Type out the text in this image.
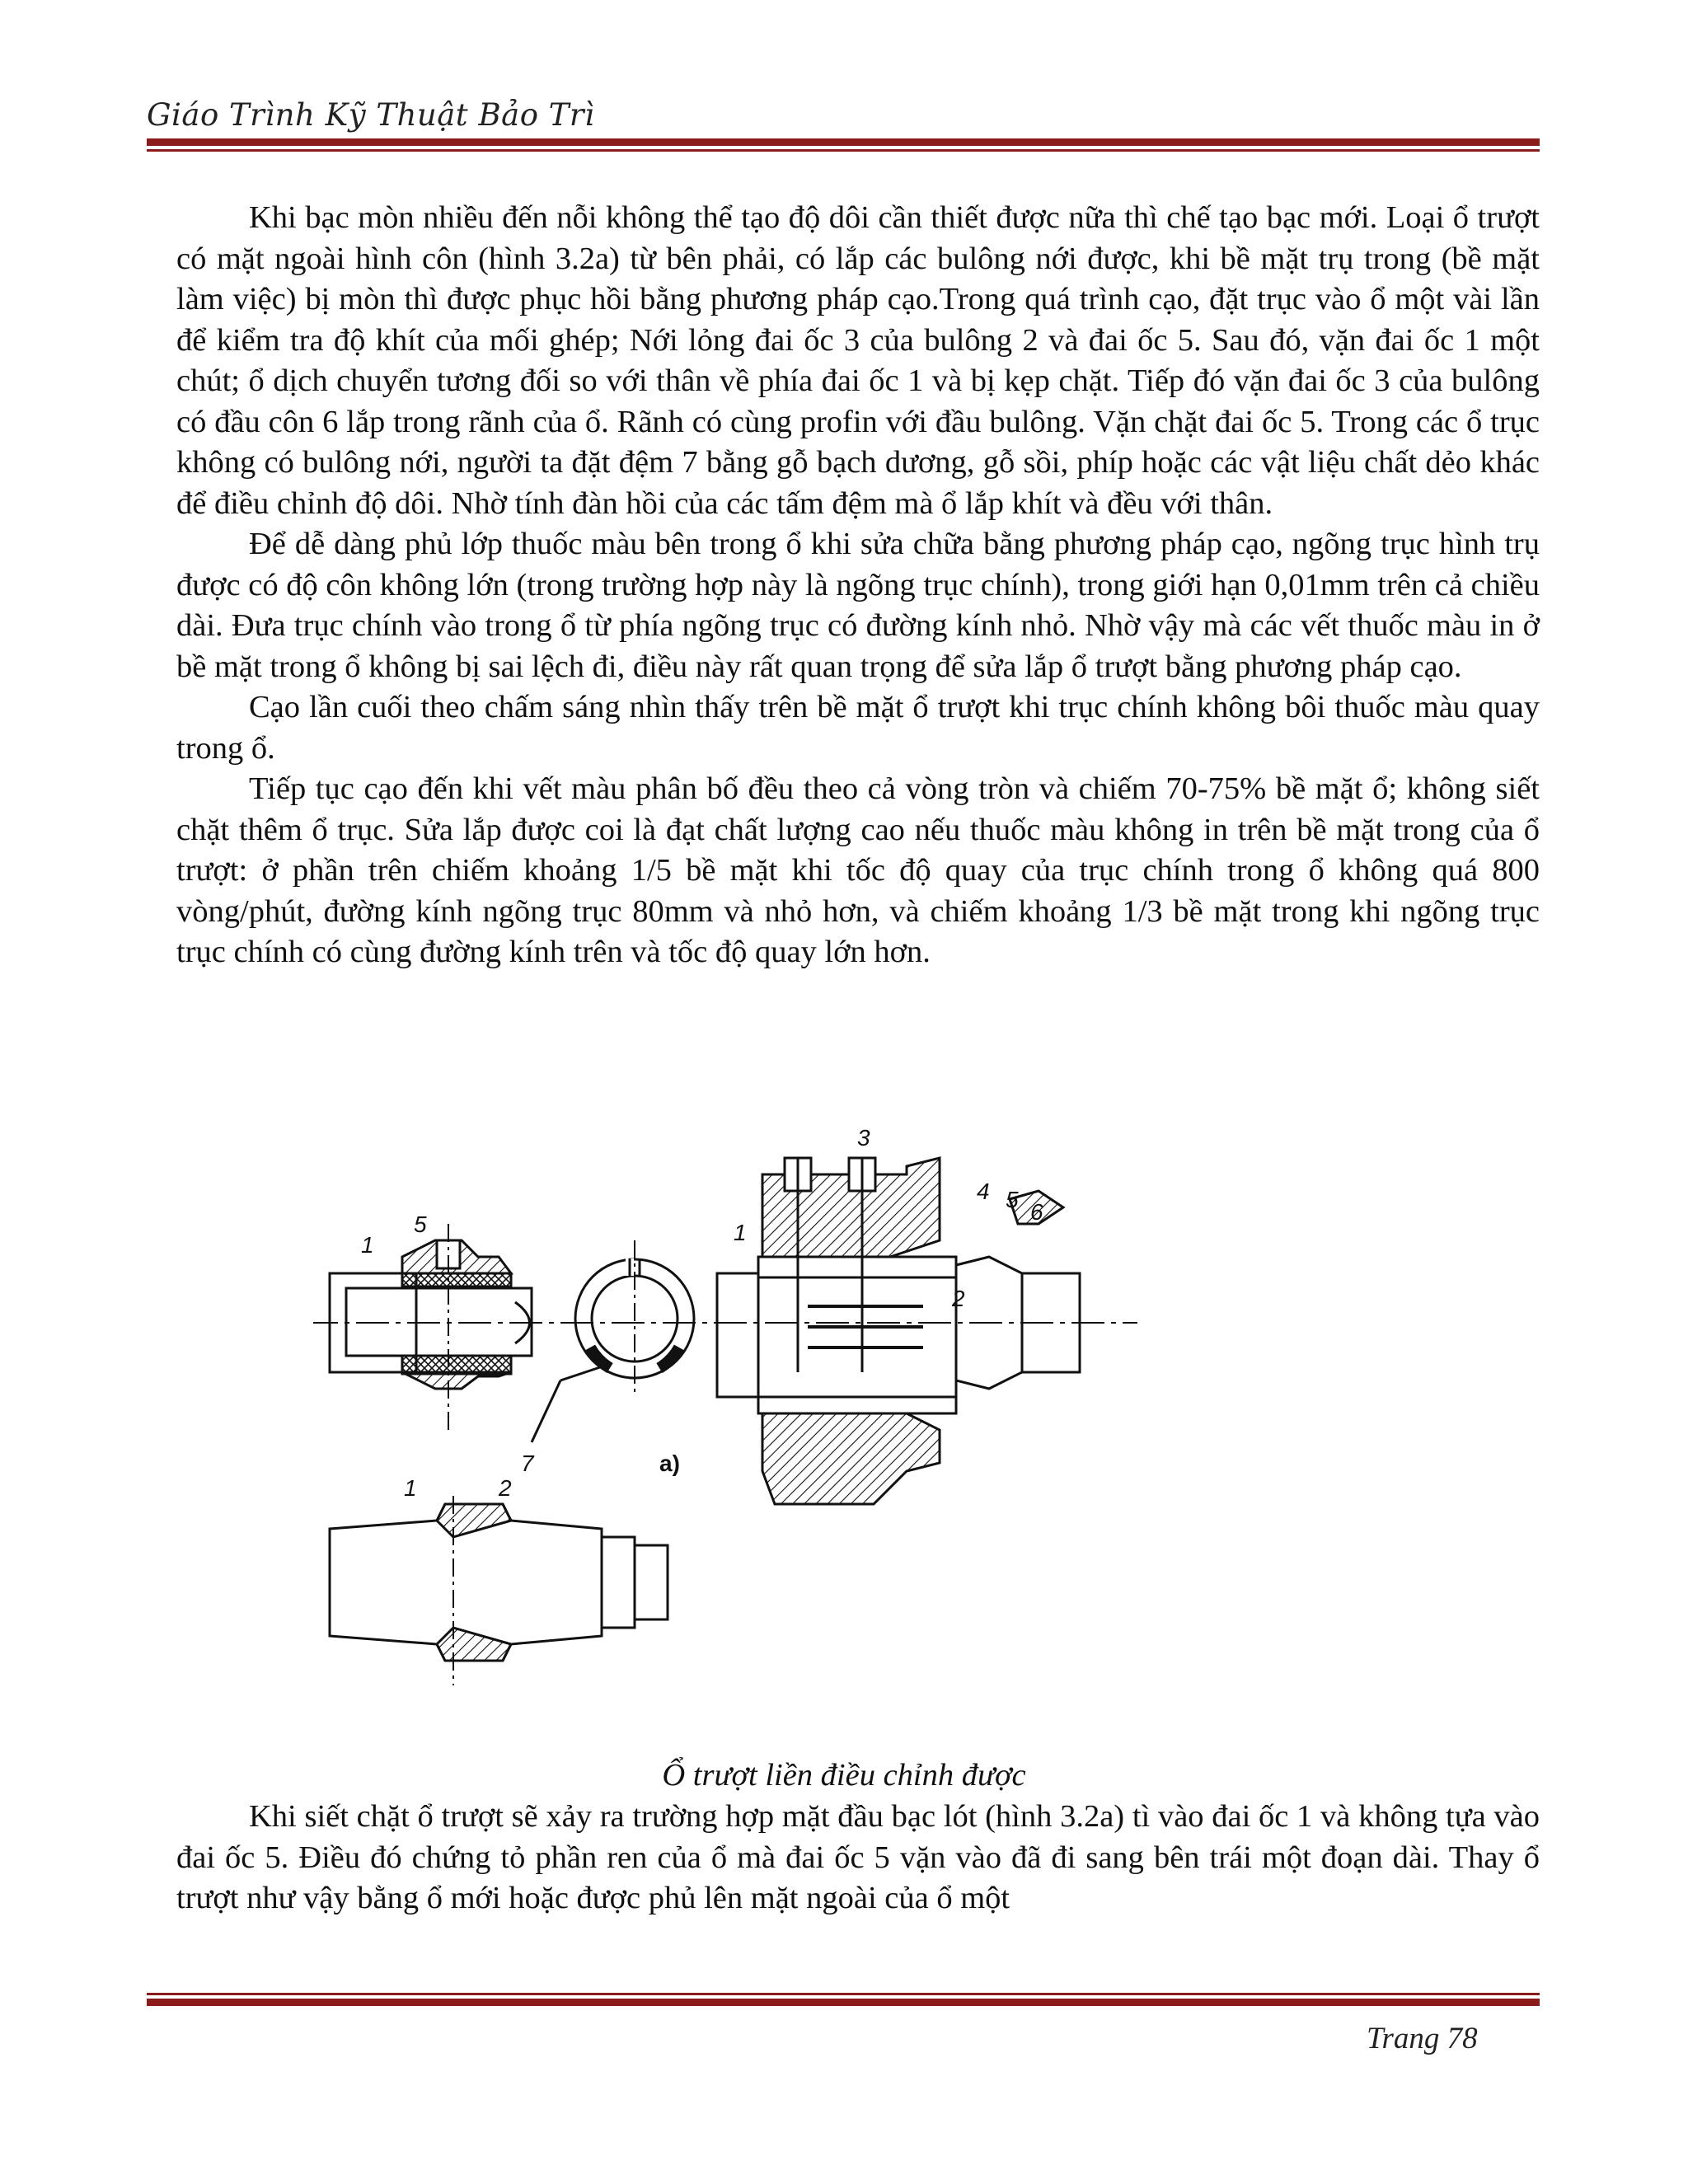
Giáo Trình Kỹ Thuật Bảo Trì

Khi bạc mòn nhiều đến nỗi không thể tạo độ dôi cần thiết được nữa thì chế tạo bạc mới. Loại ổ trượt có mặt ngoài hình côn (hình 3.2a) từ bên phải, có lắp các bulông nới được, khi bề mặt trụ trong (bề mặt làm việc) bị mòn thì được phục hồi bằng phương pháp cạo.Trong quá trình cạo, đặt trục vào ổ một vài lần để kiểm tra độ khít của mối ghép; Nới lỏng đai ốc 3 của bulông 2 và đai ốc 5. Sau đó, vặn đai ốc 1 một chút; ổ dịch chuyển tương đối so với thân về phía đai ốc 1 và bị kẹp chặt. Tiếp đó vặn đai ốc 3 của bulông có đầu côn 6 lắp trong rãnh của ổ. Rãnh có cùng profin với đầu bulông. Vặn chặt đai ốc 5. Trong các ổ trục không có bulông nới, người ta đặt đệm 7 bằng gỗ bạch dương, gỗ sồi, phíp hoặc các vật liệu chất dẻo khác để điều chỉnh độ dôi. Nhờ tính đàn hồi của các tấm đệm mà ổ lắp khít và đều với thân.

Để dễ dàng phủ lớp thuốc màu bên trong ổ khi sửa chữa bằng phương pháp cạo, ngõng trục hình trụ được có độ côn không lớn (trong trường hợp này là ngõng trục chính), trong giới hạn 0,01mm trên cả chiều dài. Đưa trục chính vào trong ổ từ phía ngõng trục có đường kính nhỏ. Nhờ vậy mà các vết thuốc màu in ở bề mặt trong ổ không bị sai lệch đi, điều này rất quan trọng để sửa lắp ổ trượt bằng phương pháp cạo.

Cạo lần cuối theo chấm sáng nhìn thấy trên bề mặt ổ trượt khi trục chính không bôi thuốc màu quay trong ổ.

Tiếp tục cạo đến khi vết màu phân bố đều theo cả vòng tròn và chiếm 70-75% bề mặt ổ; không siết chặt thêm ổ trục. Sửa lắp được coi là đạt chất lượng cao nếu thuốc màu không in trên bề mặt trong của ổ trượt: ở phần trên chiếm khoảng 1/5 bề mặt khi tốc độ quay của trục chính trong ổ không quá 800 vòng/phút, đường kính ngõng trục 80mm và nhỏ hơn, và chiếm khoảng 1/3 bề mặt trong khi ngõng trục trục chính có cùng đường kính trên và tốc độ quay lớn hơn.

1
5
7	a)
1	2
3
4 5 6
1
2
Ổ trượt liền điều chỉnh được

Khi siết chặt ổ trượt sẽ xảy ra trường hợp mặt đầu bạc lót (hình 3.2a) tì vào đai ốc 1 và không tựa vào đai ốc 5. Điều đó chứng tỏ phần ren của ổ mà đai ốc 5 vặn vào đã đi sang bên trái một đoạn dài. Thay ổ trượt như vậy bằng ổ mới hoặc được phủ lên mặt ngoài của ổ một

Trang 78
